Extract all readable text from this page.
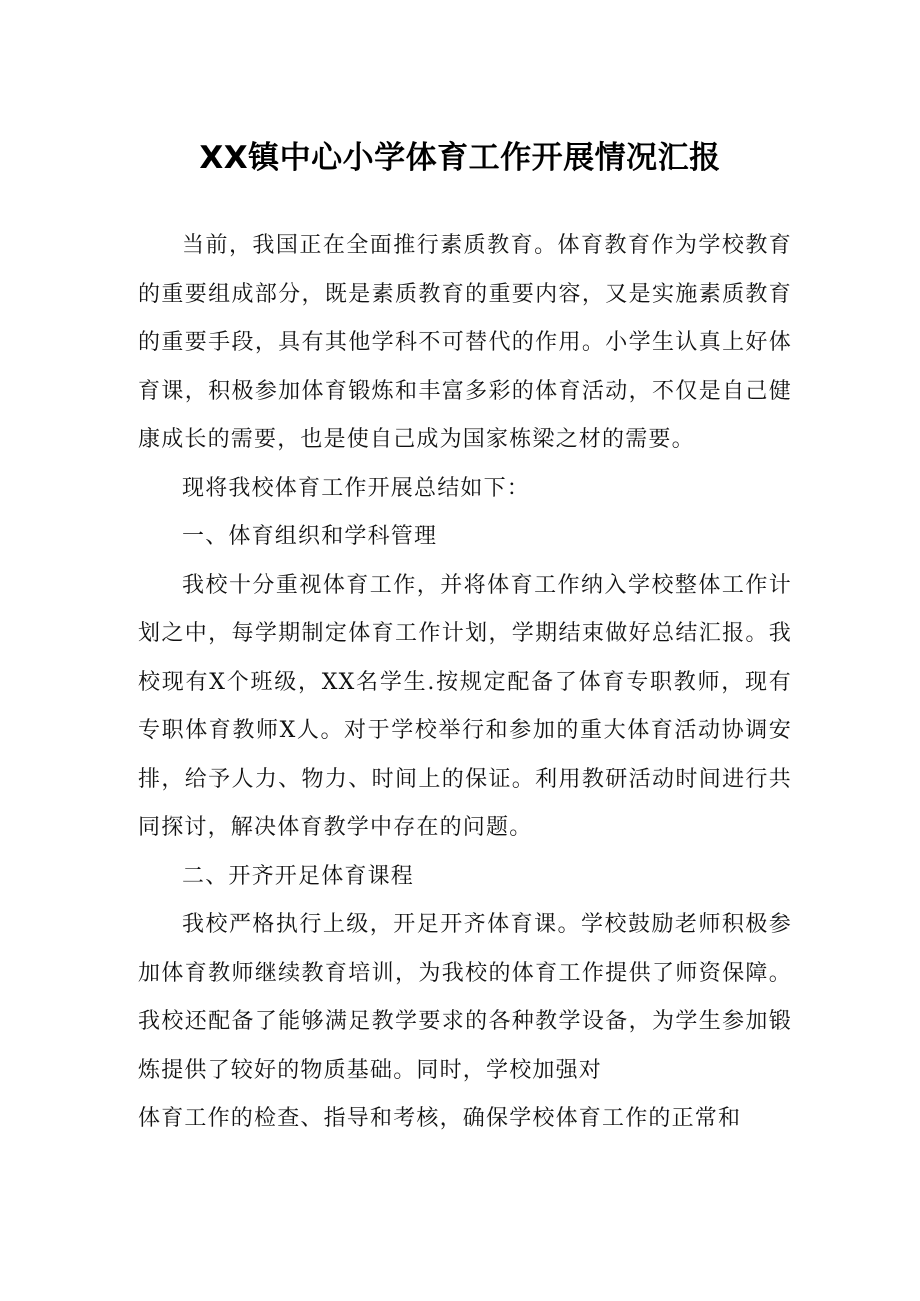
XX镇中心小学体育工作开展情况汇报

当前，我国正在全面推行素质教育。体育教育作为学校教育的重要组成部分，既是素质教育的重要内容，又是实施素质教育的重要手段，具有其他学科不可替代的作用。小学生认真上好体育课，积极参加体育锻炼和丰富多彩的体育活动，不仅是自己健康成长的需要，也是使自己成为国家栋梁之材的需要。

现将我校体育工作开展总结如下：

一、体育组织和学科管理

我校十分重视体育工作，并将体育工作纳入学校整体工作计划之中，每学期制定体育工作计划，学期结束做好总结汇报。我校现有X个班级，XX名学生.按规定配备了体育专职教师，现有专职体育教师X人。对于学校举行和参加的重大体育活动协调安排，给予人力、物力、时间上的保证。利用教研活动时间进行共同探讨，解决体育教学中存在的问题。

二、开齐开足体育课程

我校严格执行上级，开足开齐体育课。学校鼓励老师积极参加体育教师继续教育培训，为我校的体育工作提供了师资保障。我校还配备了能够满足教学要求的各种教学设备，为学生参加锻炼提供了较好的物质基础。同时，学校加强对

体育工作的检查、指导和考核，确保学校体育工作的正常和
